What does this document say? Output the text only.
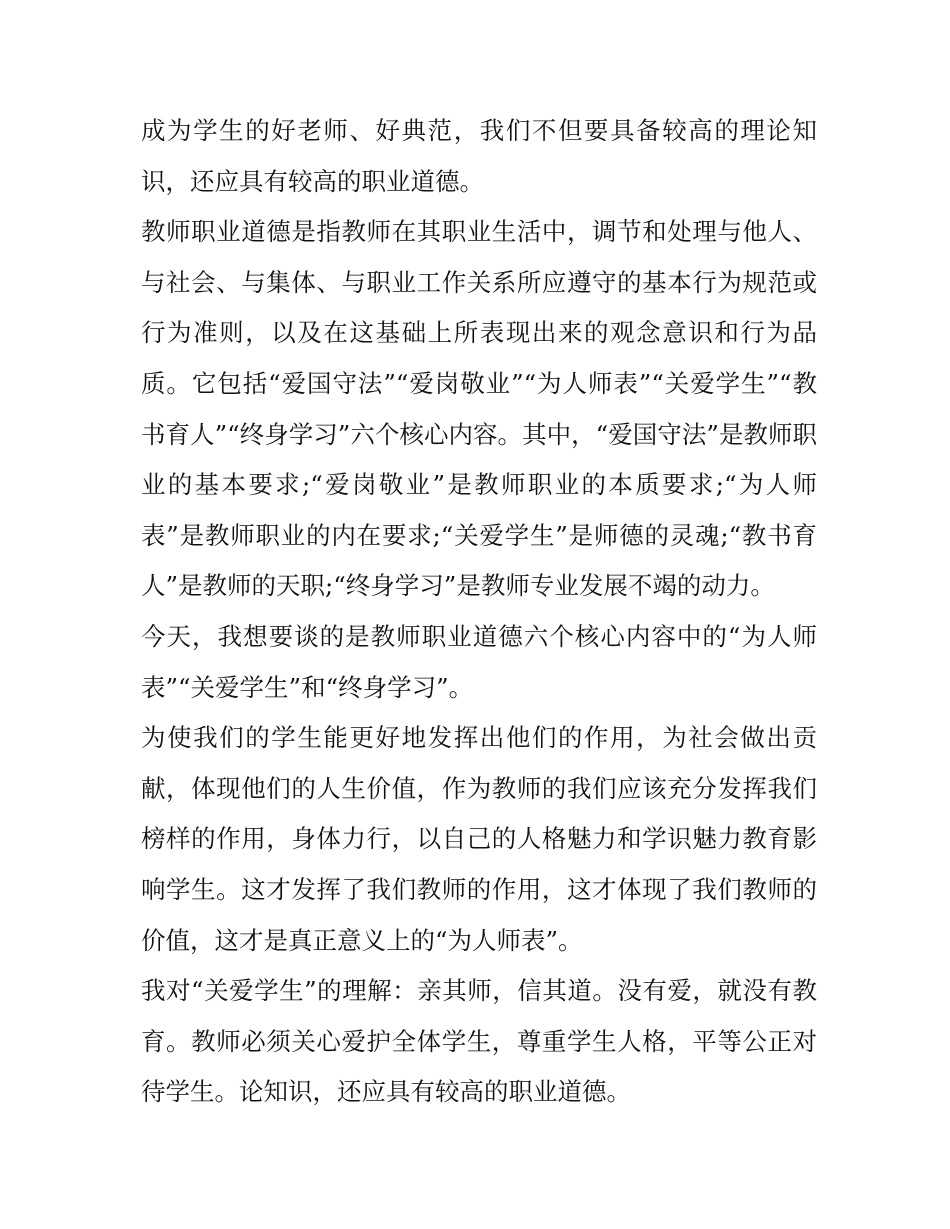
成为学生的好老师、好典范，我们不但要具备较高的理论知识，还应具有较高的职业道德。

教师职业道德是指教师在其职业生活中，调节和处理与他人、与社会、与集体、与职业工作关系所应遵守的基本行为规范或行为准则，以及在这基础上所表现出来的观念意识和行为品质。它包括“爱国守法”“爱岗敬业”“为人师表”“关爱学生”“教书育人”“终身学习”六个核心内容。其中，“爱国守法”是教师职业的基本要求;“爱岗敬业”是教师职业的本质要求;“为人师表”是教师职业的内在要求;“关爱学生”是师德的灵魂;“教书育人”是教师的天职;“终身学习”是教师专业发展不竭的动力。

今天，我想要谈的是教师职业道德六个核心内容中的“为人师表”“关爱学生”和“终身学习”。

为使我们的学生能更好地发挥出他们的作用，为社会做出贡献，体现他们的人生价值，作为教师的我们应该充分发挥我们榜样的作用，身体力行，以自己的人格魅力和学识魅力教育影响学生。这才发挥了我们教师的作用，这才体现了我们教师的价值，这才是真正意义上的“为人师表”。

我对“关爱学生”的理解：亲其师，信其道。没有爱，就没有教育。教师必须关心爱护全体学生，尊重学生人格，平等公正对待学生。论知识，还应具有较高的职业道德。
